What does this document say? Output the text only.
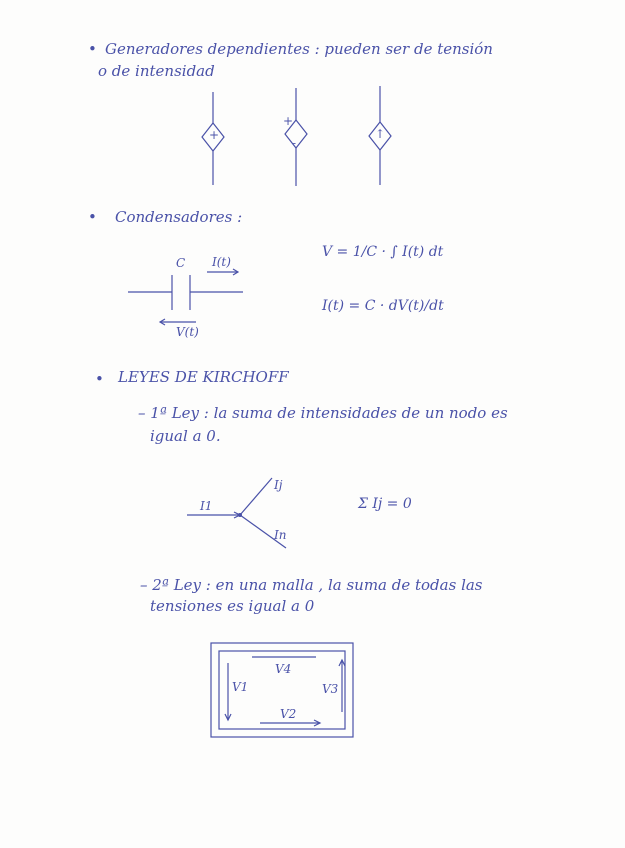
• Generadores dependientes : pueden ser de tensión
o de intensidad
+
+
-
↑
• Condensadores :
C I(t)
V(t)
V = 1/C · ∫ I(t) dt
I(t) = C · dV(t)/dt
• LEYES DE KIRCHOFF
– 1ª Ley : la suma de intensidades de un nodo es
igual a 0.
I1
Ij
In
Σ Ij = 0
– 2ª Ley : en una malla , la suma de todas las
tensiones es igual a 0
V4
V1	V3
V2
